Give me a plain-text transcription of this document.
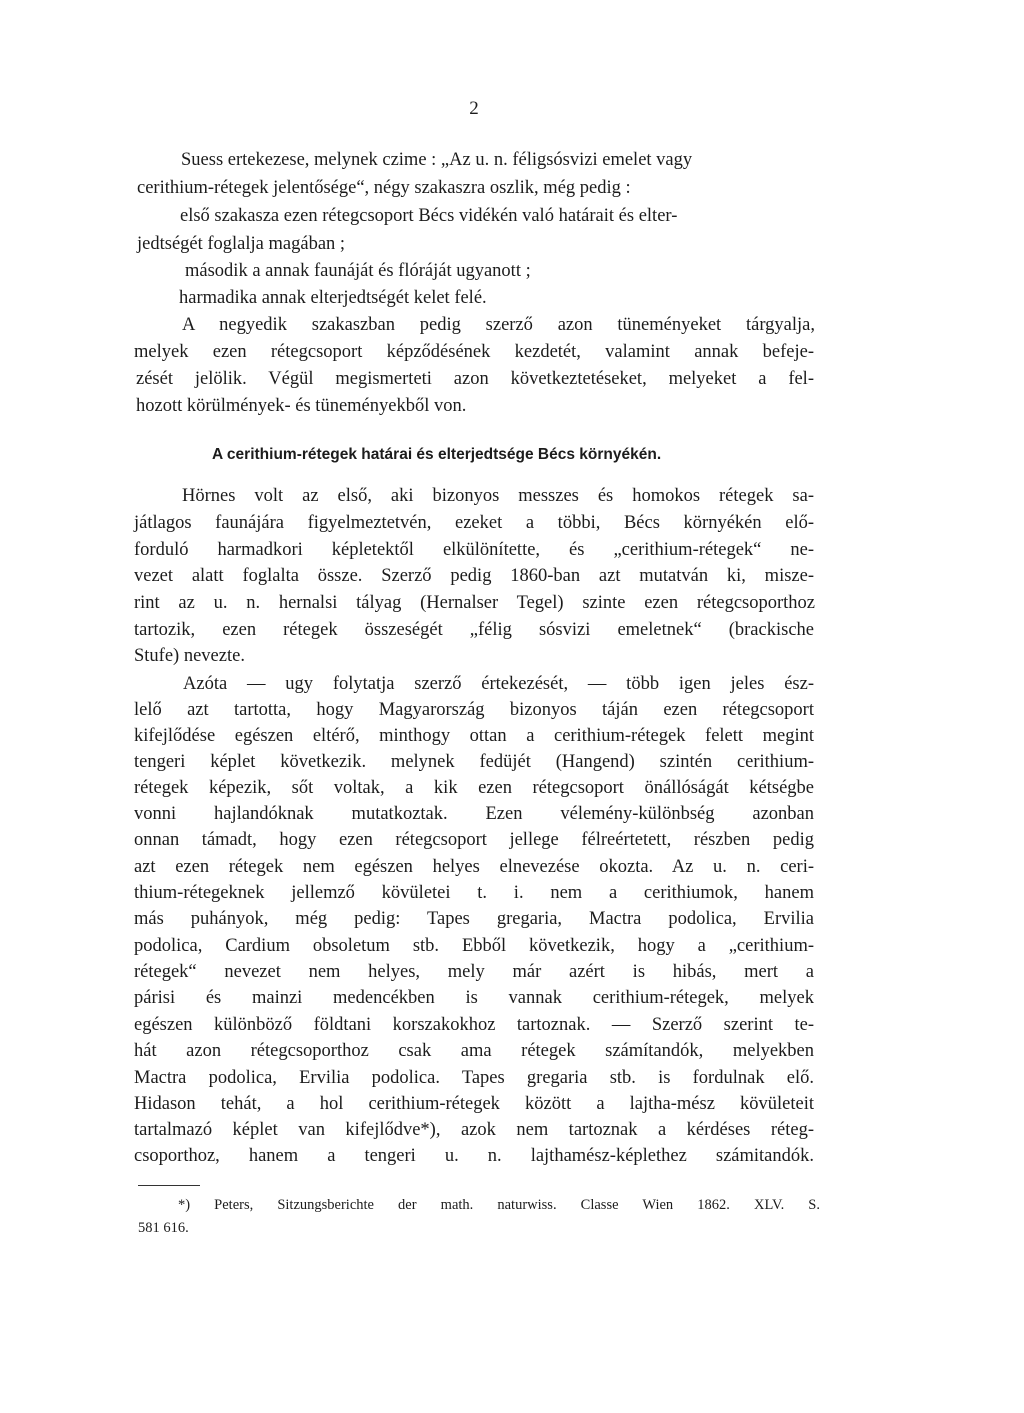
2
Suess ertekezese, melynek czime : „Az u. n. féligsósvizi emelet vagy
cerithium-rétegek jelentősége“, négy szakaszra oszlik, még pedig :
első szakasza ezen rétegcsoport Bécs vidékén való határait és elter-
jedtségét foglalja magában ;
második a annak faunáját és flóráját ugyanott ;
harmadika annak elterjedtségét kelet felé.
A negyedik szakaszban pedig szerző azon tüneményeket tárgyalja,
melyek ezen rétegcsoport képződésének kezdetét, valamint annak befeje-
zését jelölik. Végül megismerteti azon következtetéseket, melyeket a fel-
hozott körülmények- és tüneményekből von.
A cerithium-rétegek határai és elterjedtsége Bécs környékén.
Hörnes volt az első, aki bizonyos messzes és homokos rétegek sa-
játlagos faunájára figyelmeztetvén, ezeket a többi, Bécs környékén elő-
forduló harmadkori képletektől elkülönítette, és „cerithium-rétegek“ ne-
vezet alatt foglalta össze. Szerző pedig 1860-ban azt mutatván ki, misze-
rint az u. n. hernalsi tályag (Hernalser Tegel) szinte ezen rétegcsoporthoz
tartozik, ezen rétegek összeségét „félig sósvizi emeletnek“ (brackische
Stufe) nevezte.
Azóta — ugy folytatja szerző értekezését, — több igen jeles ész-
lelő azt tartotta, hogy Magyarország bizonyos táján ezen rétegcsoport
kifejlődése egészen eltérő, minthogy ottan a cerithium-rétegek felett megint
tengeri képlet következik. melynek fedüjét (Hangend) szintén cerithium-
rétegek képezik, sőt voltak, a kik ezen rétegcsoport önállóságát kétségbe
vonni hajlandóknak mutatkoztak. Ezen vélemény-különbség azonban
onnan támadt, hogy ezen rétegcsoport jellege félreértetett, részben pedig
azt ezen rétegek nem egészen helyes elnevezése okozta. Az u. n. ceri-
thium-rétegeknek jellemző kövületei t. i. nem a cerithiumok, hanem
más puhányok, még pedig: Tapes gregaria, Mactra podolica, Ervilia
podolica, Cardium obsoletum stb. Ebből következik, hogy a „cerithium-
rétegek“ nevezet nem helyes, mely már azért is hibás, mert a
párisi és mainzi medencékben is vannak cerithium-rétegek, melyek
egészen különböző földtani korszakokhoz tartoznak. — Szerző szerint te-
hát azon rétegcsoporthoz csak ama rétegek számítandók, melyekben
Mactra podolica, Ervilia podolica. Tapes gregaria stb. is fordulnak elő.
Hidason tehát, a hol cerithium-rétegek között a lajtha-mész kövületeit
tartalmazó képlet van kifejlődve*), azok nem tartoznak a kérdéses réteg-
csoporthoz, hanem a tengeri u. n. lajthamész-képlethez számitandók.
*) Peters, Sitzungsberichte der math. naturwiss. Classe Wien 1862. XLV. S.
581 616.
